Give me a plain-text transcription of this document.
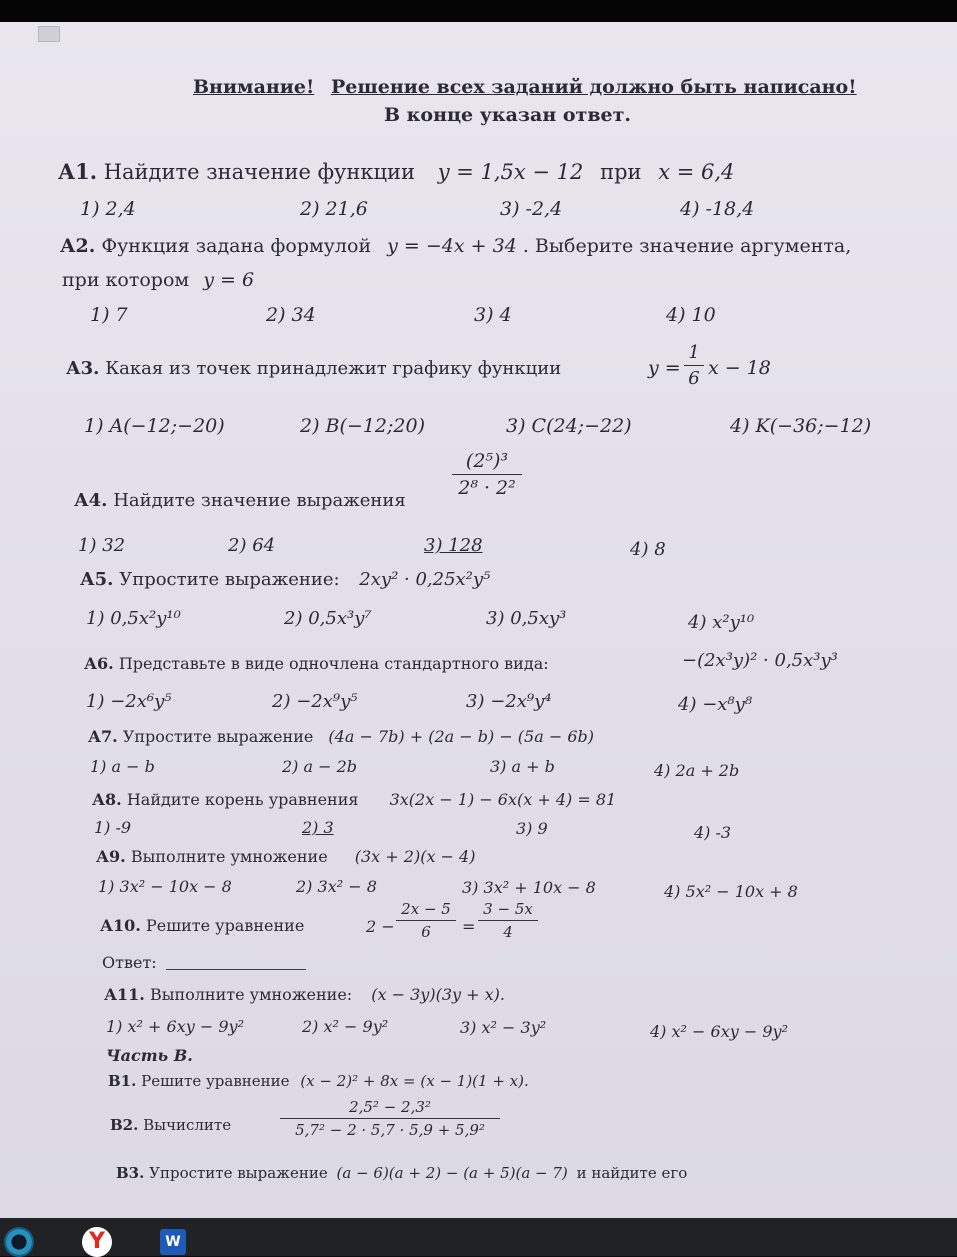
Внимание! Решение всех заданий должно быть написано!
В конце указан ответ.
А1. Найдите значение функции y = 1,5x − 12 при x = 6,4
1) 2,4	2) 21,6	3) -2,4	4) -18,4
А2. Функция задана формулой y = −4x + 34 . Выберите значение аргумента,
при котором y = 6
1) 7	2) 34	3) 4	4) 10
А3. Какая из точек принадлежит графику функции	y =
1
6 x − 18
1) A(−12;−20)	2) B(−12;20)	3) C(24;−22)	4) K(−36;−12)
А4. Найдите значение выражения
(2⁵)³
2⁸ · 2²
1) 32	2) 64	3) 128	4) 8
А5. Упростите выражение: 2xy² · 0,25x²y⁵
1) 0,5x²y¹⁰	2) 0,5x³y⁷	3) 0,5xy³	4) x²y¹⁰
А6. Представьте в виде одночлена стандартного вида:	−(2x³y)² · 0,5x³y³
1) −2x⁶y⁵	2) −2x⁹y⁵	3) −2x⁹y⁴	4) −x⁸y⁸
А7. Упростите выражение (4a − 7b) + (2a − b) − (5a − 6b)
1) a − b	2) a − 2b	3) a + b	4) 2a + 2b
А8. Найдите корень уравнения 3x(2x − 1) − 6x(x + 4) = 81
1) -9	2) 3	3) 9	4) -3
А9. Выполните умножение (3x + 2)(x − 4)
1) 3x² − 10x − 8	2) 3x² − 8	3) 3x² + 10x − 8	4) 5x² − 10x + 8
А10. Решите уравнение	2 −
2x − 5
6	=
3 − 5x
4
Ответ:
А11. Выполните умножение: (x − 3y)(3y + x).
1) x² + 6xy − 9y²	2) x² − 9y²	3) x² − 3y²	4) x² − 6xy − 9y²
Часть В.
В1. Решите уравнение (x − 2)² + 8x = (x − 1)(1 + x).
В2. Вычислите
2,5² − 2,3²
5,7² − 2 · 5,7 · 5,9 + 5,9²
В3. Упростите выражение (a − 6)(a + 2) − (a + 5)(a − 7) и найдите его
Y	W
